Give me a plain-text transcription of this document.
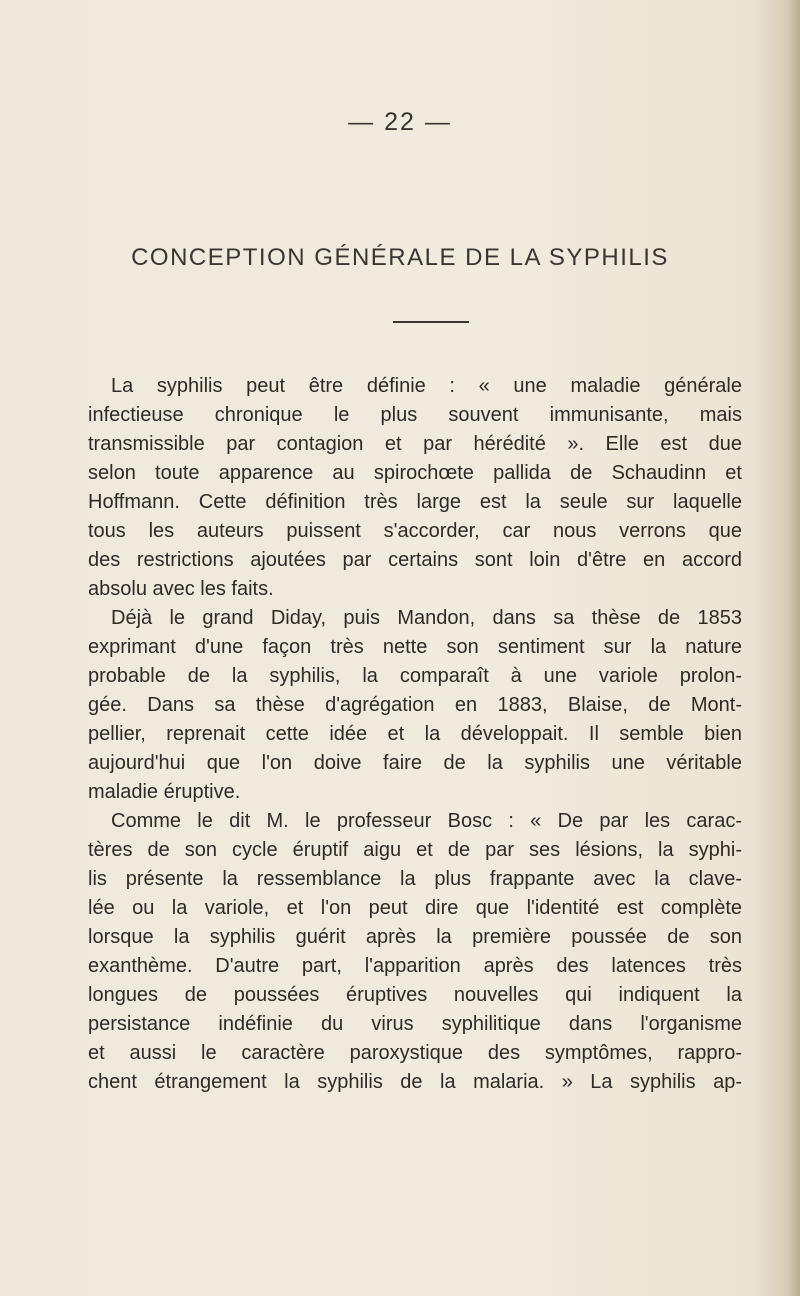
— 22 —
CONCEPTION GÉNÉRALE DE LA SYPHILIS
La syphilis peut être définie : « une maladie générale
infectieuse chronique le plus souvent immunisante, mais
transmissible par contagion et par hérédité ». Elle est due
selon toute apparence au spirochœte pallida de Schaudinn et
Hoffmann. Cette définition très large est la seule sur laquelle
tous les auteurs puissent s'accorder, car nous verrons que
des restrictions ajoutées par certains sont loin d'être en accord
absolu avec les faits.
Déjà le grand Diday, puis Mandon, dans sa thèse de 1853
exprimant d'une façon très nette son sentiment sur la nature
probable de la syphilis, la comparaît à une variole prolon-
gée. Dans sa thèse d'agrégation en 1883, Blaise, de Mont-
pellier, reprenait cette idée et la développait. Il semble bien
aujourd'hui que l'on doive faire de la syphilis une véritable
maladie éruptive.
Comme le dit M. le professeur Bosc : « De par les carac-
tères de son cycle éruptif aigu et de par ses lésions, la syphi-
lis présente la ressemblance la plus frappante avec la clave-
lée ou la variole, et l'on peut dire que l'identité est complète
lorsque la syphilis guérit après la première poussée de son
exanthème. D'autre part, l'apparition après des latences très
longues de poussées éruptives nouvelles qui indiquent la
persistance indéfinie du virus syphilitique dans l'organisme
et aussi le caractère paroxystique des symptômes, rappro-
chent étrangement la syphilis de la malaria. » La syphilis ap-
